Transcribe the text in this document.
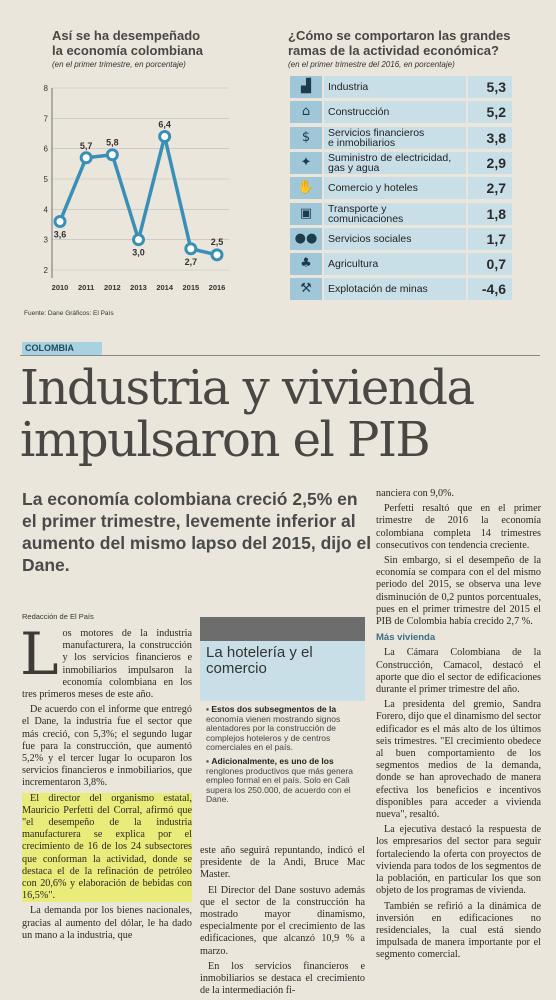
Así se ha desempeñado
la economía colombiana
(en el primer trimestre, en porcentaje)
2
3
4
5
6
7
8
2010 2011 2012 2013 2014 2015 2016
3,6
5,7 5,8
3,0
6,4
2,7
2,5
Fuente: Dane Gráficos: El País
¿Cómo se comportaron las grandes
ramas de la actividad económica?
(en el primer trimestre del 2016, en porcentaje)
▟	Industria	5,3
⌂	Construcción	5,2
$	Servicios financieros
e inmobiliarios	3,8
✦	Suministro de electricidad,
gas y agua	2,9
✋	Comercio y hoteles	2,7
▣	Transporte y
comunicaciones	1,8
●●	Servicios sociales	1,7
♣	Agricultura	0,7
⚒	Explotación de minas	-4,6
COLOMBIA
Industria y vivienda
impulsaron el PIB
La economía colombiana creció 2,5% en el primer trimestre, levemente inferior al aumento del mismo lapso del 2015, dijo el Dane.
Redacción de El País
L os motores de la industria manufacturera, la construcción y los servicios financieros e inmobiliarios impulsaron la economía colombiana en los tres primeros meses de este año.

De acuerdo con el informe que entregó el Dane, la industria fue el sector que más creció, con 5,3%; el segundo lugar fue para la construcción, que aumentó 5,2% y el tercer lugar lo ocuparon los servicios financieros e inmobiliarios, que incrementaron 3,8%.

El director del organismo estatal, Mauricio Perfetti del Corral, afirmó que "el desempeño de la industria manufacturera se explica por el crecimiento de 16 de los 24 subsectores que conforman la actividad, donde se destaca el de la refinación de petróleo con 20,6% y elaboración de bebidas con 16,5%".

La demanda por los bienes nacionales, gracias al aumento del dólar, le ha dado un mano a la industria, que

La hotelería y el comercio
▪ Estos dos subsegmentos de la economía vienen mostrando signos alentadores por la construcción de complejos hoteleros y de centros comerciales en el país.
▪ Adicionalmente, es uno de los renglones productivos que más genera empleo formal en el país. Solo en Cali supera los 250.000, de acuerdo con el Dane.

este año seguirá repuntando, indicó el presidente de la Andi, Bruce Mac Master.

El Director del Dane sostuvo además que el sector de la construcción ha mostrado mayor dinamismo, especialmente por el crecimiento de las edificaciones, que alcanzó 10,9 % a marzo.

En los servicios financieros e inmobiliarios se destaca el crecimiento de la intermediación fi-

nanciera con 9,0%.

Perfetti resaltó que en el primer trimestre de 2016 la economía colombiana completa 14 trimestres consecutivos con tendencia creciente.

Sin embargo, si el desempeño de la economía se compara con el del mismo periodo del 2015, se observa una leve disminución de 0,2 puntos porcentuales, pues en el primer trimestre del 2015 el PIB de Colombia había crecido 2,7 %.

Más vivienda

La Cámara Colombiana de la Construcción, Camacol, destacó el aporte que dio el sector de edificaciones durante el primer trimestre del año.

La presidenta del gremio, Sandra Forero, dijo que el dinamismo del sector edificador es el más alto de los últimos seis trimestres. "El crecimiento obedece al buen comportamiento de los segmentos medios de la demanda, donde se han aprovechado de manera efectiva los beneficios e incentivos disponibles para acceder a vivienda nueva", resaltó.

La ejecutiva destacó la respuesta de los empresarios del sector para seguir fortaleciendo la oferta con proyectos de vivienda para todos de los segmentos de la población, en particular los que son objeto de los programas de vivienda.

También se refirió a la dinámica de inversión en edificaciones no residenciales, la cual está siendo impulsada de manera importante por el segmento comercial.
